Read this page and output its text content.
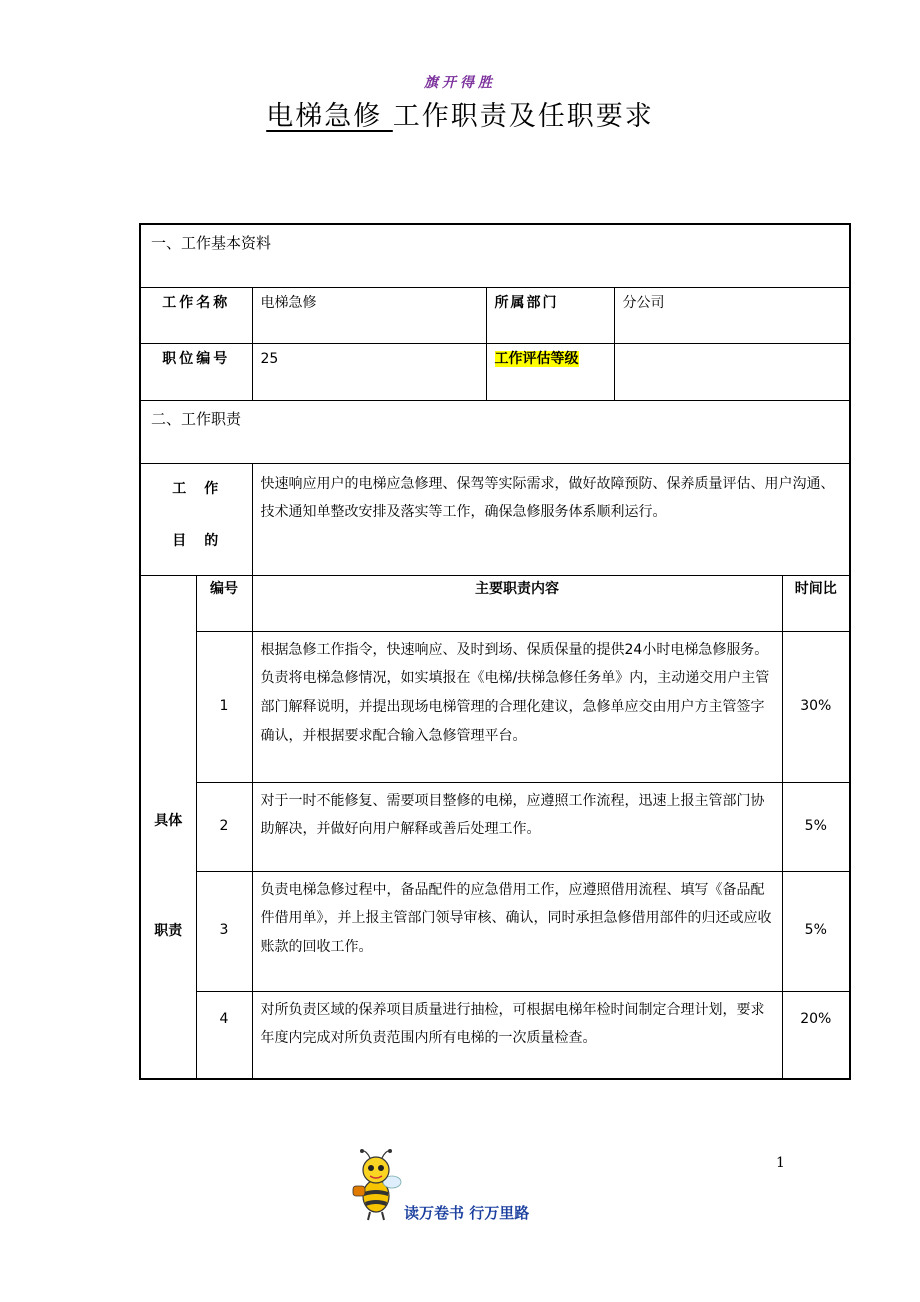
旗开得胜
电梯急修 工作职责及任职要求
一、工作基本资料					
工作名称		电梯急修	所属部门	分公司	
职位编号		25	工作评估等级		
二、工作职责					

工　作
目　的		快速响应用户的电梯应急修理、保驾等实际需求，做好故障预防、保养质量评估、用户沟通、技术通知单整改安排及落实等工作，确保急修服务体系顺利运行。			

具体
职责	编号	主要职责内容			时间比
	1	根据急修工作指令，快速响应、及时到场、保质保量的提供24小时电梯急修服务。负责将电梯急修情况，如实填报在《电梯/扶梯急修任务单》内，主动递交用户主管部门解释说明，并提出现场电梯管理的合理化建议，急修单应交由用户方主管签字确认，并根据要求配合输入急修管理平台。			30%
	2	对于一时不能修复、需要项目整修的电梯，应遵照工作流程，迅速上报主管部门协助解决，并做好向用户解释或善后处理工作。			5%
	3	负责电梯急修过程中，备品配件的应急借用工作，应遵照借用流程、填写《备品配件借用单》，并上报主管部门领导审核、确认，同时承担急修借用部件的归还或应收账款的回收工作。			5%
	4	对所负责区域的保养项目质量进行抽检，可根据电梯年检时间制定合理计划，要求年度内完成对所负责范围内所有电梯的一次质量检查。			20%
1
读万卷书 行万里路
